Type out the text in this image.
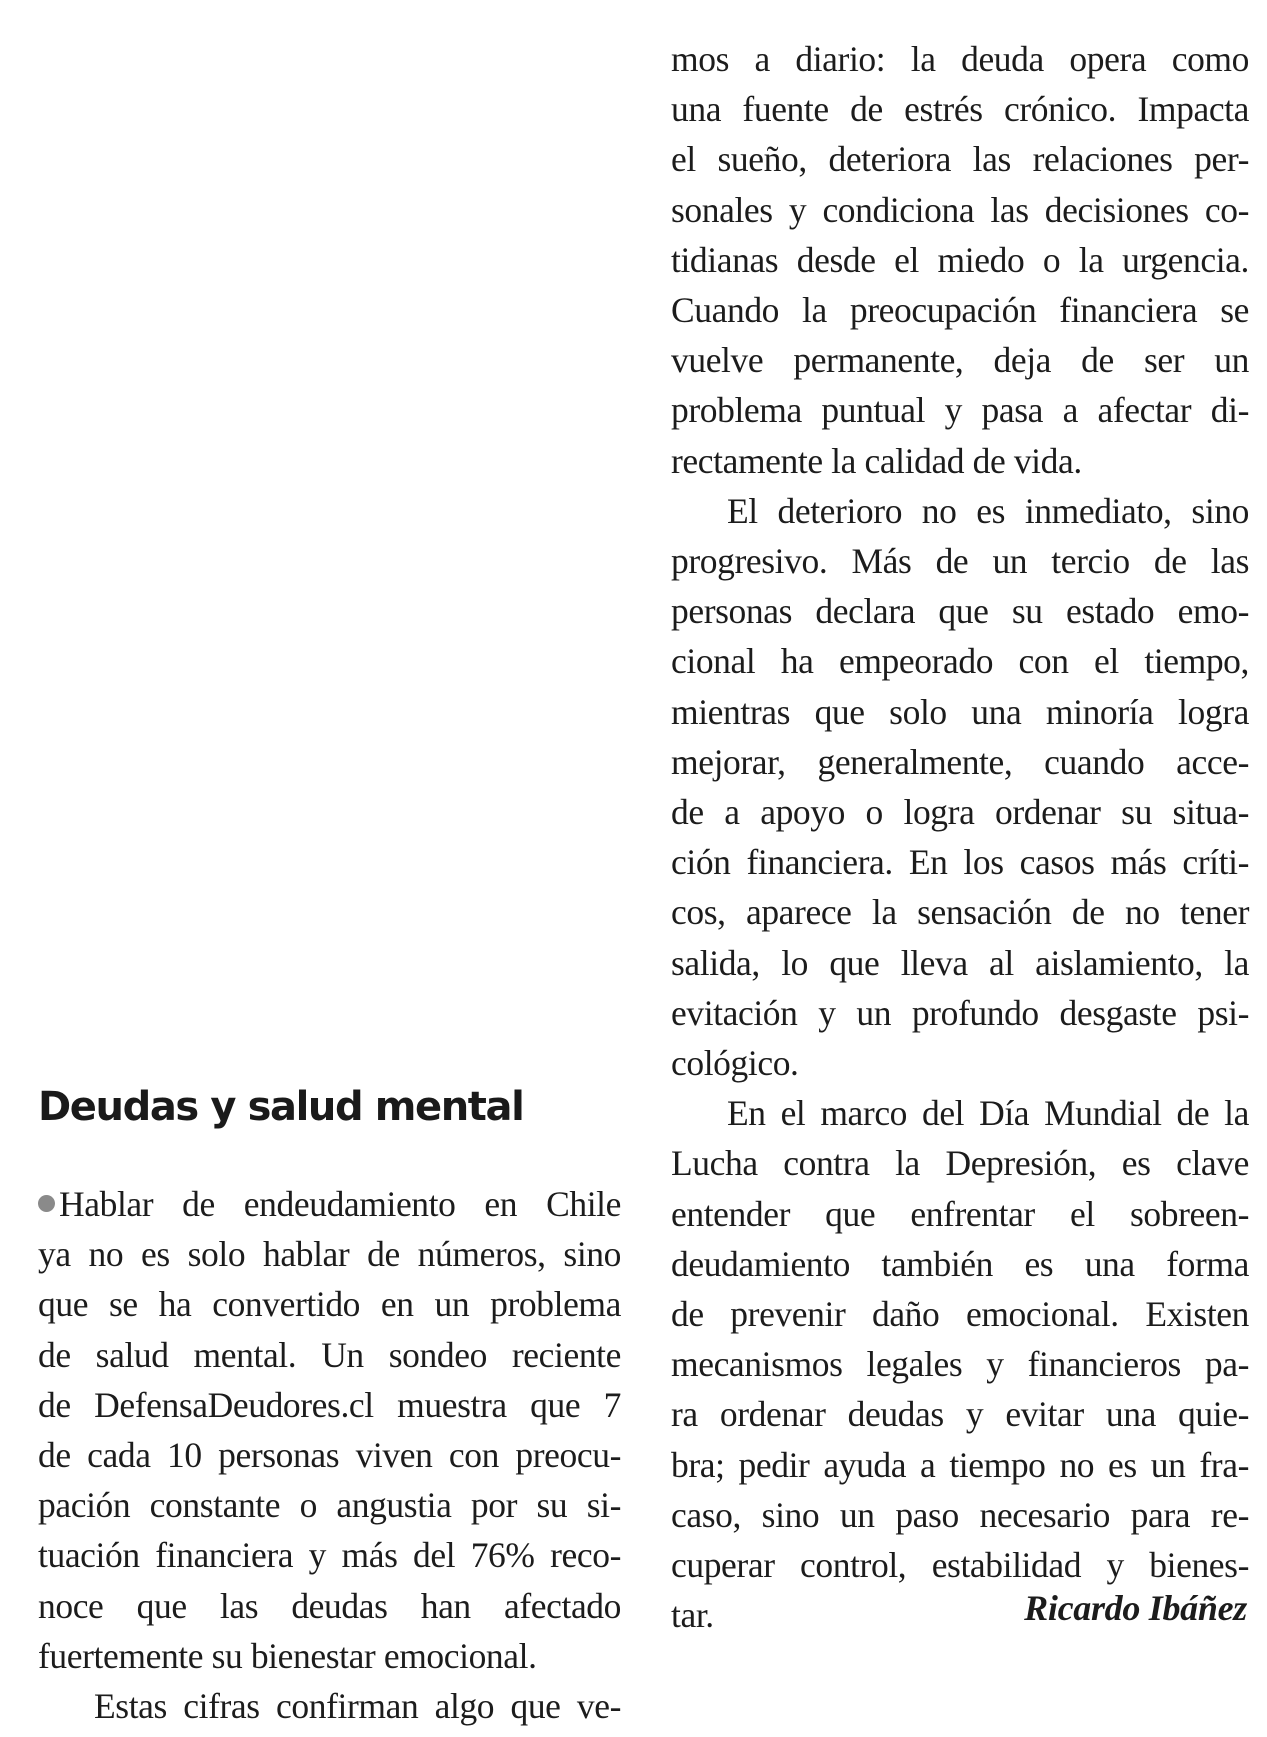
Deudas y salud mental
Hablar de endeudamiento en Chile
ya no es solo hablar de números, sino
que se ha convertido en un problema
de salud mental. Un sondeo reciente
de DefensaDeudores.cl muestra que 7
de cada 10 personas viven con preocu-
pación constante o angustia por su si-
tuación financiera y más del 76% reco-
noce que las deudas han afectado
fuertemente su bienestar emocional.
Estas cifras confirman algo que ve-
mos a diario: la deuda opera como
una fuente de estrés crónico. Impacta
el sueño, deteriora las relaciones per-
sonales y condiciona las decisiones co-
tidianas desde el miedo o la urgencia.
Cuando la preocupación financiera se
vuelve permanente, deja de ser un
problema puntual y pasa a afectar di-
rectamente la calidad de vida.
El deterioro no es inmediato, sino
progresivo. Más de un tercio de las
personas declara que su estado emo-
cional ha empeorado con el tiempo,
mientras que solo una minoría logra
mejorar, generalmente, cuando acce-
de a apoyo o logra ordenar su situa-
ción financiera. En los casos más críti-
cos, aparece la sensación de no tener
salida, lo que lleva al aislamiento, la
evitación y un profundo desgaste psi-
cológico.
En el marco del Día Mundial de la
Lucha contra la Depresión, es clave
entender que enfrentar el sobreen-
deudamiento también es una forma
de prevenir daño emocional. Existen
mecanismos legales y financieros pa-
ra ordenar deudas y evitar una quie-
bra; pedir ayuda a tiempo no es un fra-
caso, sino un paso necesario para re-
cuperar control, estabilidad y bienes-
tar.	Ricardo Ibáñez
